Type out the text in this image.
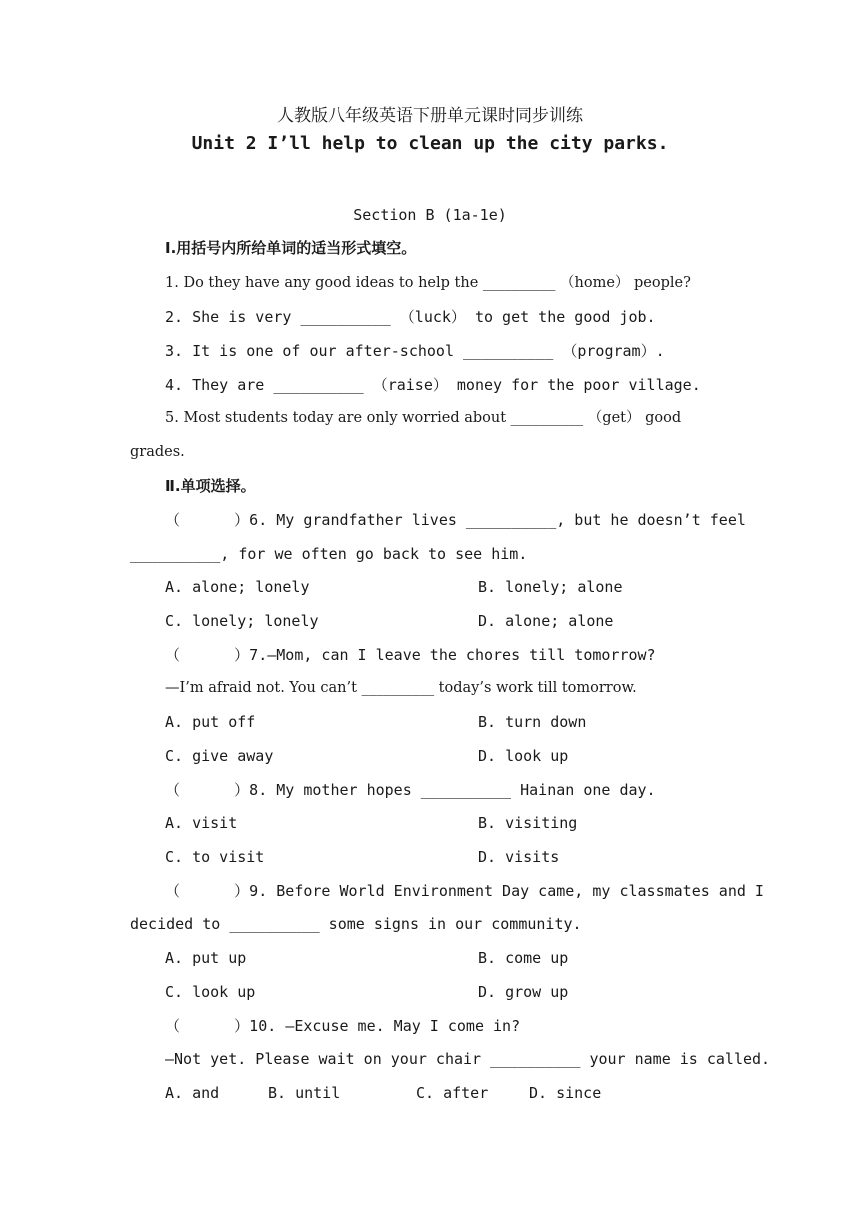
人教版八年级英语下册单元课时同步训练
Unit 2 I’ll help to clean up the city parks.
Section B (1a-1e)
Ⅰ.用括号内所给单词的适当形式填空。
1. Do they have any good ideas to help the __________ （home） people?
2. She is very __________ （luck） to get the good job.
3. It is one of our after-school __________ （program）.
4. They are __________ （raise） money for the poor village.
5. Most students today are only worried about __________ （get） good
grades.
Ⅱ.单项选择。
（      ）6. My grandfather lives __________, but he doesn’t feel
__________, for we often go back to see him.
A. alone; lonely	B. lonely; alone
C. lonely; lonely	D. alone; alone
（      ）7.—Mom, can I leave the chores till tomorrow?
—I’m afraid not. You can’t __________ today’s work till tomorrow.
A. put off	B. turn down
C. give away	D. look up
（      ）8. My mother hopes __________ Hainan one day.
A. visit	B. visiting
C. to visit	D. visits
（      ）9. Before World Environment Day came, my classmates and I
decided to __________ some signs in our community.
A. put up	B. come up
C. look up	D. grow up
（      ）10. —Excuse me. May I come in?
—Not yet. Please wait on your chair __________ your name is called.
A. and	B. until	C. after	D. since
